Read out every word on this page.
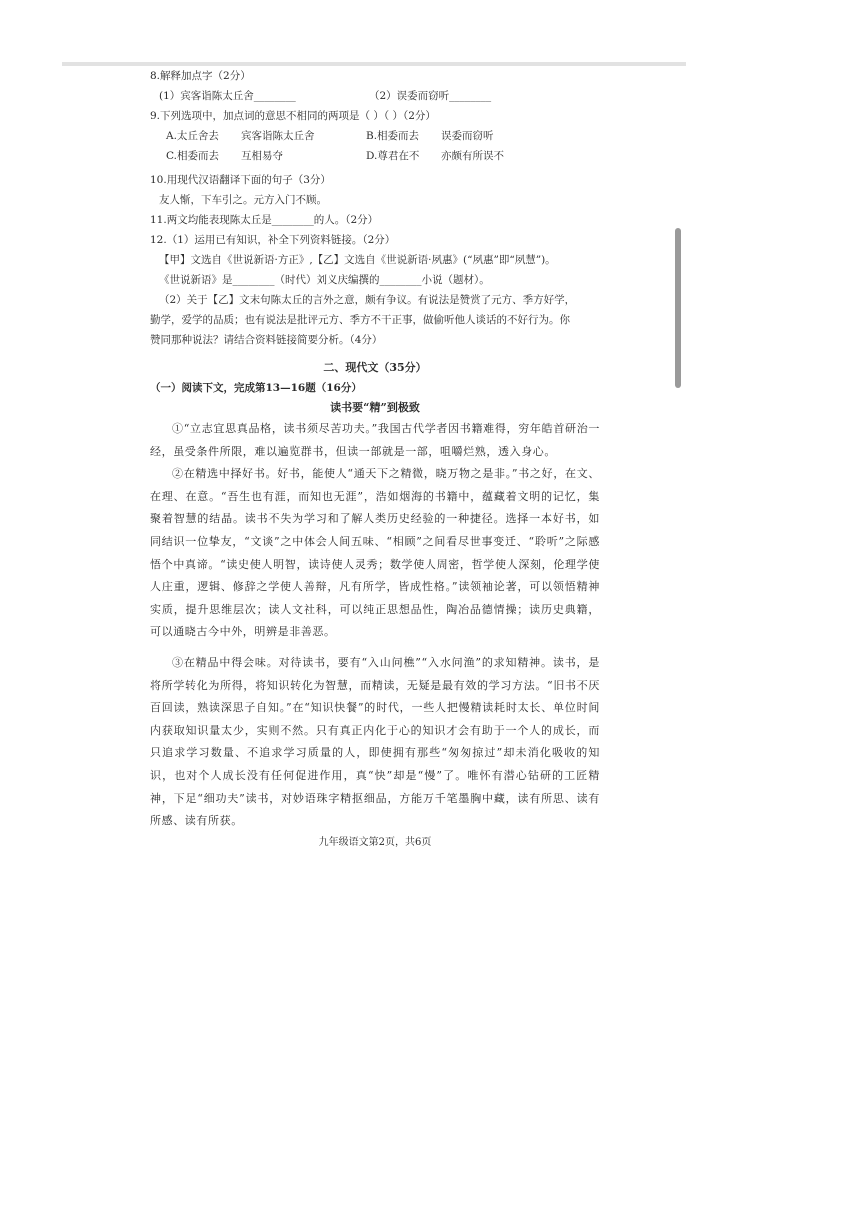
8.解释加点字（2分）
(1）宾客诣陈太丘舍________	（2）误委而窃听________
9.下列选项中，加点词的意思不相同的两项是（ ）（ ）（2分）
A.太丘舍去	宾客诣陈太丘舍	B.相委而去	误委而窃听
C.相委而去	互相易夺	D.尊君在不	亦颇有所误不
10.用现代汉语翻译下面的句子（3分）
友人惭，下车引之。元方入门不顾。
11.两文均能表现陈太丘是________的人。（2分）
12.（1）运用已有知识，补全下列资料链接。（2分）
【甲】文选自《世说新语·方正》,【乙】文选自《世说新语·夙惠》(“夙惠”即“夙慧”)。
《世说新语》是________（时代）刘义庆编撰的________小说（题材）。
（2）关于【乙】文末句陈太丘的言外之意，颇有争议。有说法是赞赏了元方、季方好学，
勤学，爱学的品质；也有说法是批评元方、季方不干正事，做偷听他人谈话的不好行为。你
赞同那种说法？请结合资料链接简要分析。（4分）
二、现代文（35分）
（一）阅读下文，完成第13—16题（16分）
读书要“精”到极致

①“立志宜思真品格，读书须尽苦功夫。”我国古代学者因书籍难得，穷年皓首研治一经，虽受条件所限，难以遍览群书，但读一部就是一部，咀嚼烂熟，透入身心。

②在精选中择好书。好书，能使人“通天下之精微，晓万物之是非。”书之好，在文、在理、在意。“吾生也有涯，而知也无涯”，浩如烟海的书籍中，蕴藏着文明的记忆，集聚着智慧的结晶。读书不失为学习和了解人类历史经验的一种捷径。选择一本好书，如同结识一位挚友，“文谈”之中体会人间五味、“相顾”之间看尽世事变迁、“聆听”之际感悟个中真谛。“读史使人明智，读诗使人灵秀；数学使人周密，哲学使人深刻，伦理学使人庄重，逻辑、修辞之学使人善辩，凡有所学，皆成性格。”读领袖论著，可以领悟精神实质，提升思维层次；读人文社科，可以纯正思想品性，陶冶品德情操；读历史典籍，可以通晓古今中外，明辨是非善恶。

③在精品中得会味。对待读书，要有“入山问樵”“入水问渔”的求知精神。读书，是将所学转化为所得，将知识转化为智慧，而精读，无疑是最有效的学习方法。“旧书不厌百回读，熟读深思子自知。”在“知识快餐”的时代，一些人把慢精读耗时太长、单位时间内获取知识量太少，实则不然。只有真正内化于心的知识才会有助于一个人的成长，而只追求学习数量、不追求学习质量的人，即使拥有那些“匆匆掠过”却未消化吸收的知识，也对个人成长没有任何促进作用，真“快”却是“慢”了。唯怀有潜心钻研的工匠精神，下足“细功夫”读书，对妙语珠字精抠细品，方能万千笔墨胸中藏，读有所思、读有所感、读有所获。

九年级语文第2页，共6页
